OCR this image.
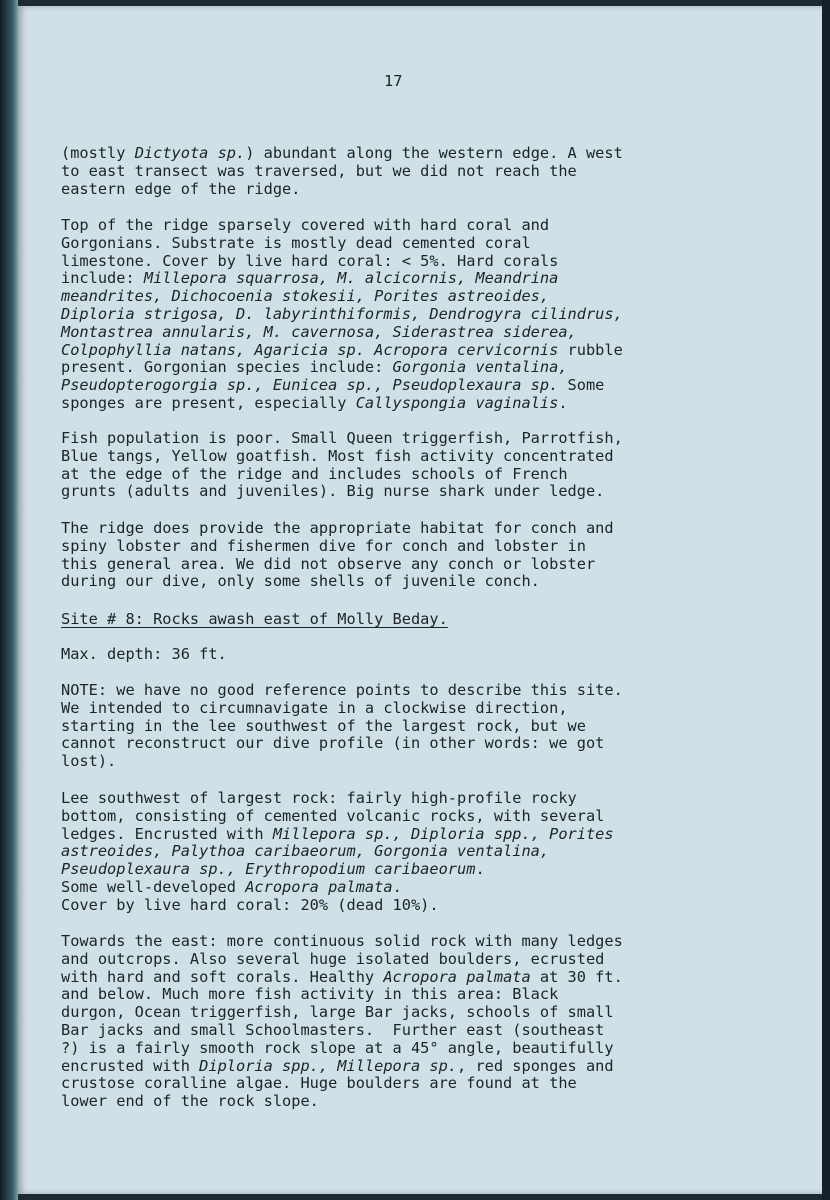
17
(mostly Dictyota sp.) abundant along the western edge. A west
to east transect was traversed, but we did not reach the
eastern edge of the ridge.
Top of the ridge sparsely covered with hard coral and
Gorgonians. Substrate is mostly dead cemented coral
limestone. Cover by live hard coral: < 5%. Hard corals
include: Millepora squarrosa, M. alcicornis, Meandrina
meandrites, Dichocoenia stokesii, Porites astreoides,
Diploria strigosa, D. labyrinthiformis, Dendrogyra cilindrus,
Montastrea annularis, M. cavernosa, Siderastrea siderea,
Colpophyllia natans, Agaricia sp. Acropora cervicornis rubble
present. Gorgonian species include: Gorgonia ventalina,
Pseudopterogorgia sp., Eunicea sp., Pseudoplexaura sp. Some
sponges are present, especially Callyspongia vaginalis.
Fish population is poor. Small Queen triggerfish, Parrotfish,
Blue tangs, Yellow goatfish. Most fish activity concentrated
at the edge of the ridge and includes schools of French
grunts (adults and juveniles). Big nurse shark under ledge.
The ridge does provide the appropriate habitat for conch and
spiny lobster and fishermen dive for conch and lobster in
this general area. We did not observe any conch or lobster
during our dive, only some shells of juvenile conch.
Site # 8: Rocks awash east of Molly Beday.
Max. depth: 36 ft.
NOTE: we have no good reference points to describe this site.
We intended to circumnavigate in a clockwise direction,
starting in the lee southwest of the largest rock, but we
cannot reconstruct our dive profile (in other words: we got
lost).
Lee southwest of largest rock: fairly high-profile rocky
bottom, consisting of cemented volcanic rocks, with several
ledges. Encrusted with Millepora sp., Diploria spp., Porites
astreoides, Palythoa caribaeorum, Gorgonia ventalina,
Pseudoplexaura sp., Erythropodium caribaeorum.
Some well-developed Acropora palmata.
Cover by live hard coral: 20% (dead 10%).
Towards the east: more continuous solid rock with many ledges
and outcrops. Also several huge isolated boulders, ecrusted
with hard and soft corals. Healthy Acropora palmata at 30 ft.
and below. Much more fish activity in this area: Black
durgon, Ocean triggerfish, large Bar jacks, schools of small
Bar jacks and small Schoolmasters.  Further east (southeast
?) is a fairly smooth rock slope at a 45° angle, beautifully
encrusted with Diploria spp., Millepora sp., red sponges and
crustose coralline algae. Huge boulders are found at the
lower end of the rock slope.
